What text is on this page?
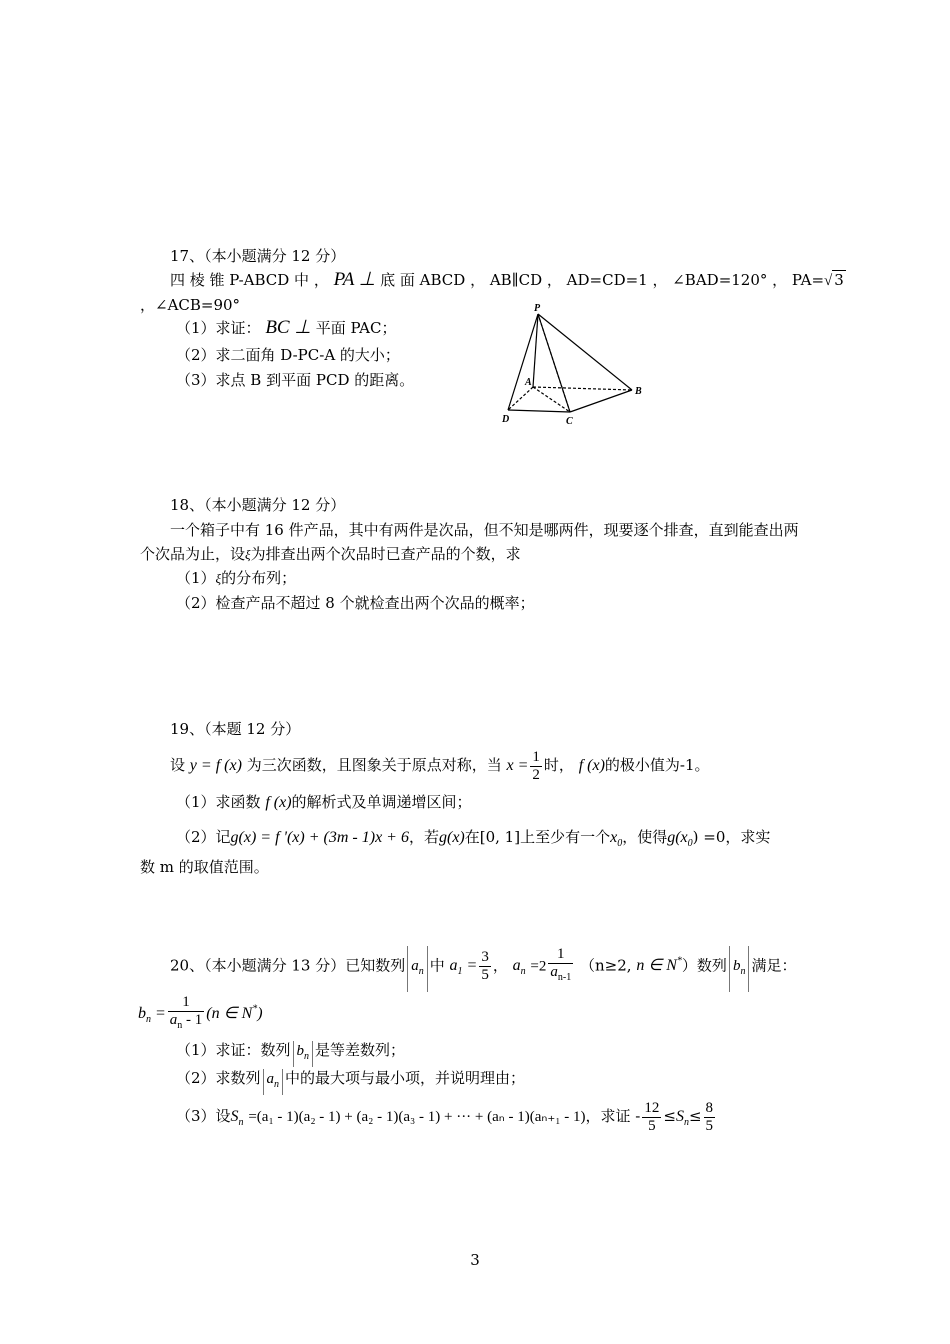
17、（本小题满分 12 分）
四 棱 锥 P-ABCD 中 ， PA ⊥ 底 面 ABCD ， AB∥CD ， AD=CD=1 ， ∠BAD=120° ， PA=√ 3
，∠ACB=90°
（1）求证： BC ⊥ 平面 PAC；
（2）求二面角 D-PC-A 的大小；
（3）求点 B 到平面 PCD 的距离。
P
A
B
C
D
18、（本小题满分 12 分）
一个箱子中有 16 件产品，其中有两件是次品，但不知是哪两件，现要逐个排查，直到能查出两
个次品为止，设ξ为排查出两个次品时已查产品的个数，求
（1）ξ的分布列；
（2）检查产品不超过 8 个就检查出两个次品的概率；
19、（本题 12 分）
设 y = f (x) 为三次函数，且图象关于原点对称，当 $x = \frac{1}{2}$ 时， f (x)的极小值为-1。
（1）求函数 f (x)的解析式及单调递增区间；
（2）记g(x) = f '(x) + (3m - 1)x + 6，若g(x)在[0, 1]上至少有一个$x_0$，使得$g(x_0) =0$，求实
数 m 的取值范围。
20、（本小题满分 13 分）已知数列 $a_n$ 中 $a_1 = \frac{3}{5}$ ， $a_n =2 \frac{1}{a_{n-1}} (n\ge 2$, n ∈ N*）数列 $b_n$ 满足：
$b_n = \frac{1}{a_n - 1} (n$ ∈ N*)
（1）求证：数列 $b_n$ 是等差数列；
（2）求数列 $a_n$ 中的最大项与最小项，并说明理由；
（3）设$S_n =(a_1 - 1)(a_2 - 1) + (a_2 - 1)(a_3 - 1)$ + ··· + (aₙ - 1)(aₙ₊₁ - 1)，求证 - $\frac{12}{5} \le S_n\le \frac{8}{5}$
3
